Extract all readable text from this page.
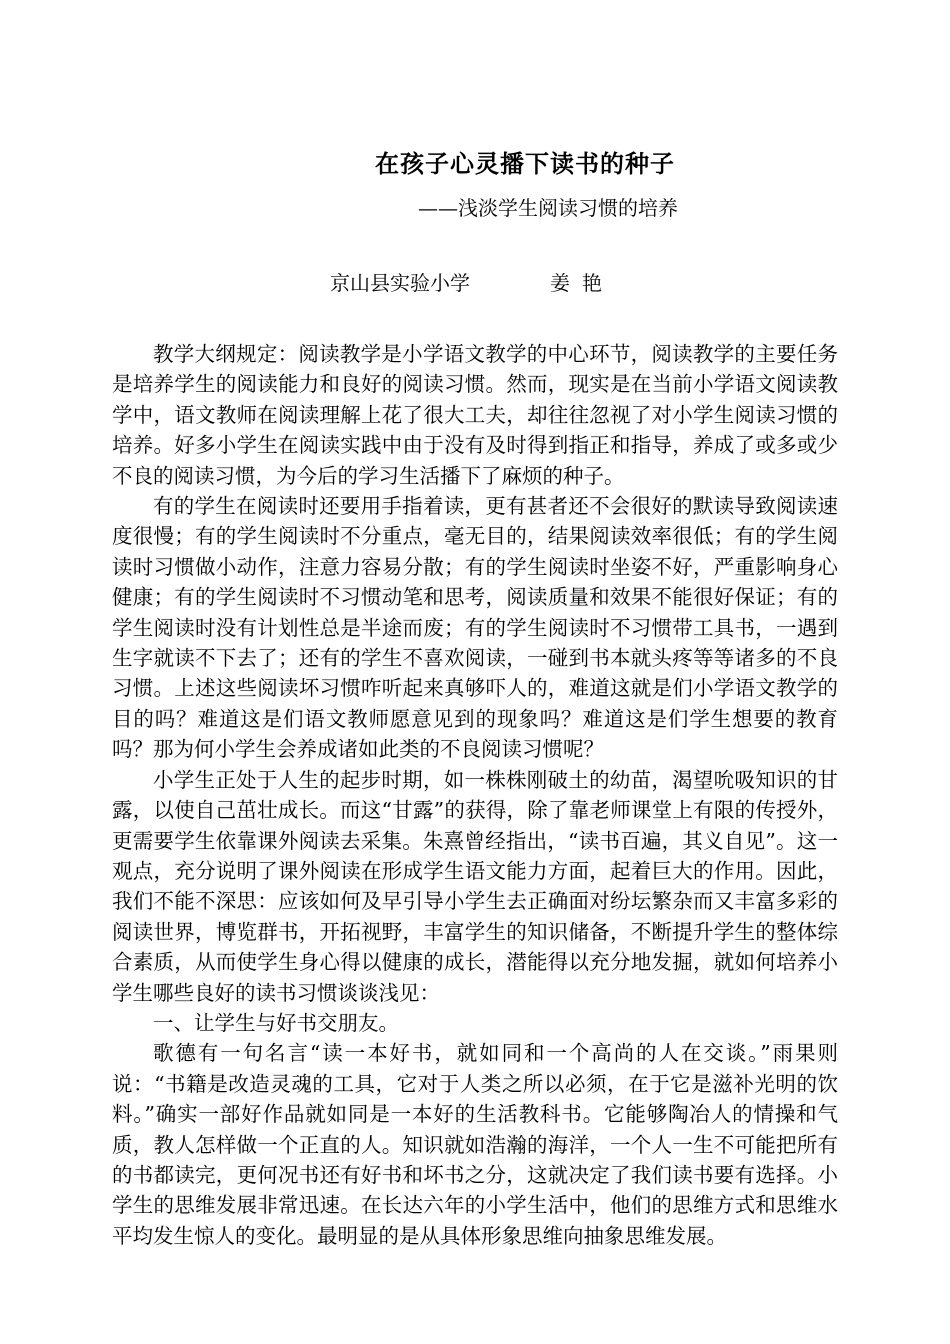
在孩子心灵播下读书的种子
——浅淡学生阅读习惯的培养
京山县实验小学	姜艳

教学大纲规定：阅读教学是小学语文教学的中心环节，阅读教学的主要任务是培养学生的阅读能力和良好的阅读习惯。然而，现实是在当前小学语文阅读教学中，语文教师在阅读理解上花了很大工夫，却往往忽视了对小学生阅读习惯的培养。好多小学生在阅读实践中由于没有及时得到指正和指导，养成了或多或少不良的阅读习惯，为今后的学习生活播下了麻烦的种子。

有的学生在阅读时还要用手指着读，更有甚者还不会很好的默读导致阅读速度很慢；有的学生阅读时不分重点，毫无目的，结果阅读效率很低；有的学生阅读时习惯做小动作，注意力容易分散；有的学生阅读时坐姿不好，严重影响身心健康；有的学生阅读时不习惯动笔和思考，阅读质量和效果不能很好保证；有的学生阅读时没有计划性总是半途而废；有的学生阅读时不习惯带工具书，一遇到生字就读不下去了；还有的学生不喜欢阅读，一碰到书本就头疼等等诸多的不良习惯。上述这些阅读坏习惯咋听起来真够吓人的，难道这就是们小学语文教学的目的吗？难道这是们语文教师愿意见到的现象吗？难道这是们学生想要的教育吗？那为何小学生会养成诸如此类的不良阅读习惯呢？

小学生正处于人生的起步时期，如一株株刚破土的幼苗，渴望吮吸知识的甘露，以使自己茁壮成长。而这“甘露”的获得，除了靠老师课堂上有限的传授外，更需要学生依靠课外阅读去采集。朱熹曾经指出，“读书百遍，其义自见”。这一观点，充分说明了课外阅读在形成学生语文能力方面，起着巨大的作用。因此，我们不能不深思：应该如何及早引导小学生去正确面对纷坛繁杂而又丰富多彩的阅读世界，博览群书，开拓视野，丰富学生的知识储备，不断提升学生的整体综合素质，从而使学生身心得以健康的成长，潜能得以充分地发掘，就如何培养小学生哪些良好的读书习惯谈谈浅见：

一、让学生与好书交朋友。

歌德有一句名言“读一本好书，就如同和一个高尚的人在交谈。”雨果则说：“书籍是改造灵魂的工具，它对于人类之所以必须，在于它是滋补光明的饮料。”确实一部好作品就如同是一本好的生活教科书。它能够陶冶人的情操和气质，教人怎样做一个正直的人。知识就如浩瀚的海洋，一个人一生不可能把所有的书都读完，更何况书还有好书和坏书之分，这就决定了我们读书要有选择。小学生的思维发展非常迅速。在长达六年的小学生活中，他们的思维方式和思维水平均发生惊人的变化。最明显的是从具体形象思维向抽象思维发展。
